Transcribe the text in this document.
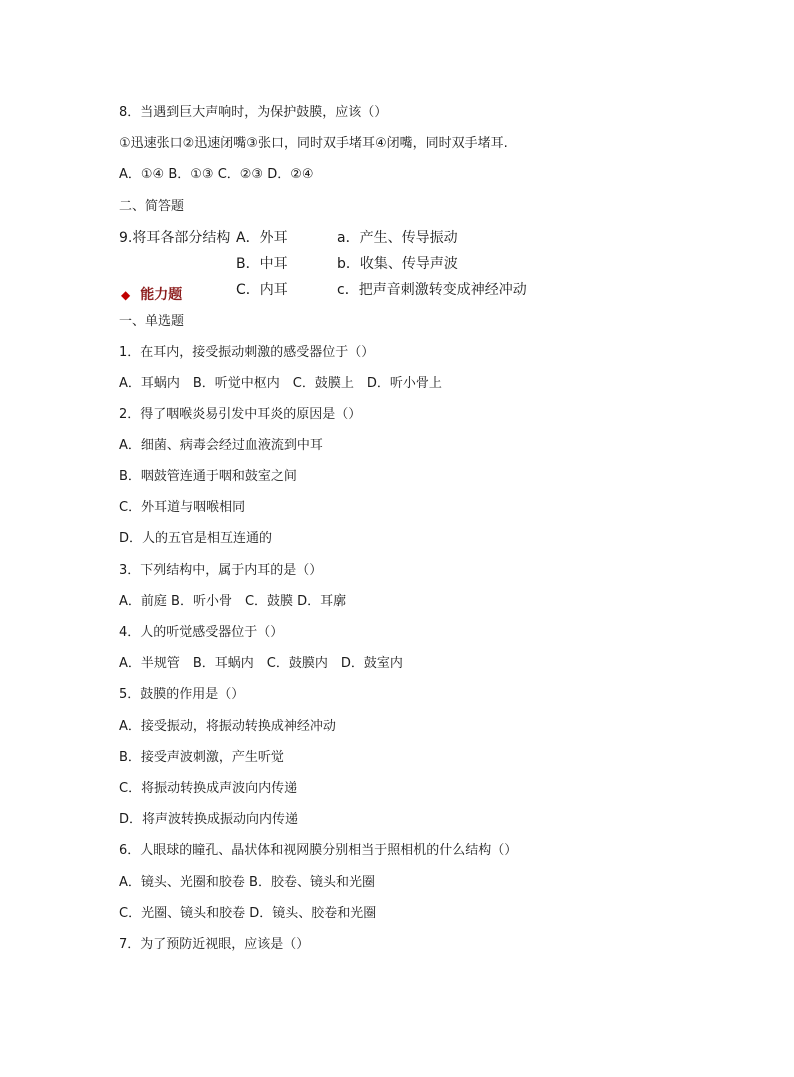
8．当遇到巨大声响时，为保护鼓膜，应该（）
①迅速张口②迅速闭嘴③张口，同时双手堵耳④闭嘴，同时双手堵耳.
A．①④ B．①③ C．②③ D．②④
二、简答题
9.将耳各部分结构 A．外耳
B．中耳
C．内耳
a．产生、传导振动
b．收集、传导声波
c．把声音刺激转变成神经冲动
◆ 能力题
一、单选题
1．在耳内，接受振动刺激的感受器位于（）
A．耳蜗内　B．听觉中枢内　C．鼓膜上　D．听小骨上
2．得了咽喉炎易引发中耳炎的原因是（）
A．细菌、病毒会经过血液流到中耳
B．咽鼓管连通于咽和鼓室之间
C．外耳道与咽喉相同
D．人的五官是相互连通的
3．下列结构中，属于内耳的是（）
A．前庭 B．听小骨　C．鼓膜 D．耳廓
4．人的听觉感受器位于（）
A．半规管　B．耳蜗内　C．鼓膜内　D．鼓室内
5．鼓膜的作用是（）
A．接受振动，将振动转换成神经冲动
B．接受声波刺激，产生听觉
C．将振动转换成声波向内传递
D．将声波转换成振动向内传递
6．人眼球的瞳孔、晶状体和视网膜分别相当于照相机的什么结构（）
A．镜头、光圈和胶卷 B．胶卷、镜头和光圈
C．光圈、镜头和胶卷 D．镜头、胶卷和光圈
7．为了预防近视眼，应该是（）
